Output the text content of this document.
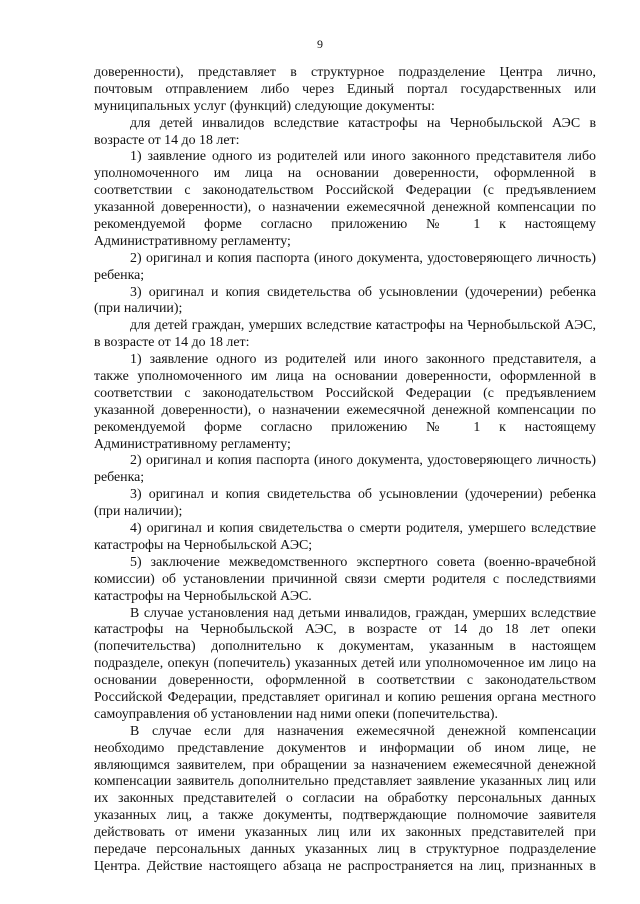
9
доверенности), представляет в структурное подразделение Центра лично,
почтовым отправлением либо через Единый портал государственных или
муниципальных услуг (функций) следующие документы:
для детей инвалидов вследствие катастрофы на Чернобыльской АЭС в
возрасте от 14 до 18 лет:
1) заявление одного из родителей или иного законного представителя либо
уполномоченного им лица на основании доверенности, оформленной в
соответствии с законодательством Российской Федерации (с предъявлением
указанной доверенности), о назначении ежемесячной денежной компенсации по
рекомендуемой форме согласно приложению № 1 к настоящему
Административному регламенту;
2) оригинал и копия паспорта (иного документа, удостоверяющего личность)
ребенка;
3) оригинал и копия свидетельства об усыновлении (удочерении) ребенка
(при наличии);
для детей граждан, умерших вследствие катастрофы на Чернобыльской АЭС,
в возрасте от 14 до 18 лет:
1) заявление одного из родителей или иного законного представителя, а
также уполномоченного им лица на основании доверенности, оформленной в
соответствии с законодательством Российской Федерации (с предъявлением
указанной доверенности), о назначении ежемесячной денежной компенсации по
рекомендуемой форме согласно приложению № 1 к настоящему
Административному регламенту;
2) оригинал и копия паспорта (иного документа, удостоверяющего личность)
ребенка;
3) оригинал и копия свидетельства об усыновлении (удочерении) ребенка
(при наличии);
4) оригинал и копия свидетельства о смерти родителя, умершего вследствие
катастрофы на Чернобыльской АЭС;
5) заключение межведомственного экспертного совета (военно-врачебной
комиссии) об установлении причинной связи смерти родителя с последствиями
катастрофы на Чернобыльской АЭС.
В случае установления над детьми инвалидов, граждан, умерших вследствие
катастрофы на Чернобыльской АЭС, в возрасте от 14 до 18 лет опеки
(попечительства) дополнительно к документам, указанным в настоящем
подразделе, опекун (попечитель) указанных детей или уполномоченное им лицо на
основании доверенности, оформленной в соответствии с законодательством
Российской Федерации, представляет оригинал и копию решения органа местного
самоуправления об установлении над ними опеки (попечительства).
В случае если для назначения ежемесячной денежной компенсации
необходимо представление документов и информации об ином лице, не
являющимся заявителем, при обращении за назначением ежемесячной денежной
компенсации заявитель дополнительно представляет заявление указанных лиц или
их законных представителей о согласии на обработку персональных данных
указанных лиц, а также документы, подтверждающие полномочие заявителя
действовать от имени указанных лиц или их законных представителей при
передаче персональных данных указанных лиц в структурное подразделение
Центра. Действие настоящего абзаца не распространяется на лиц, признанных в
